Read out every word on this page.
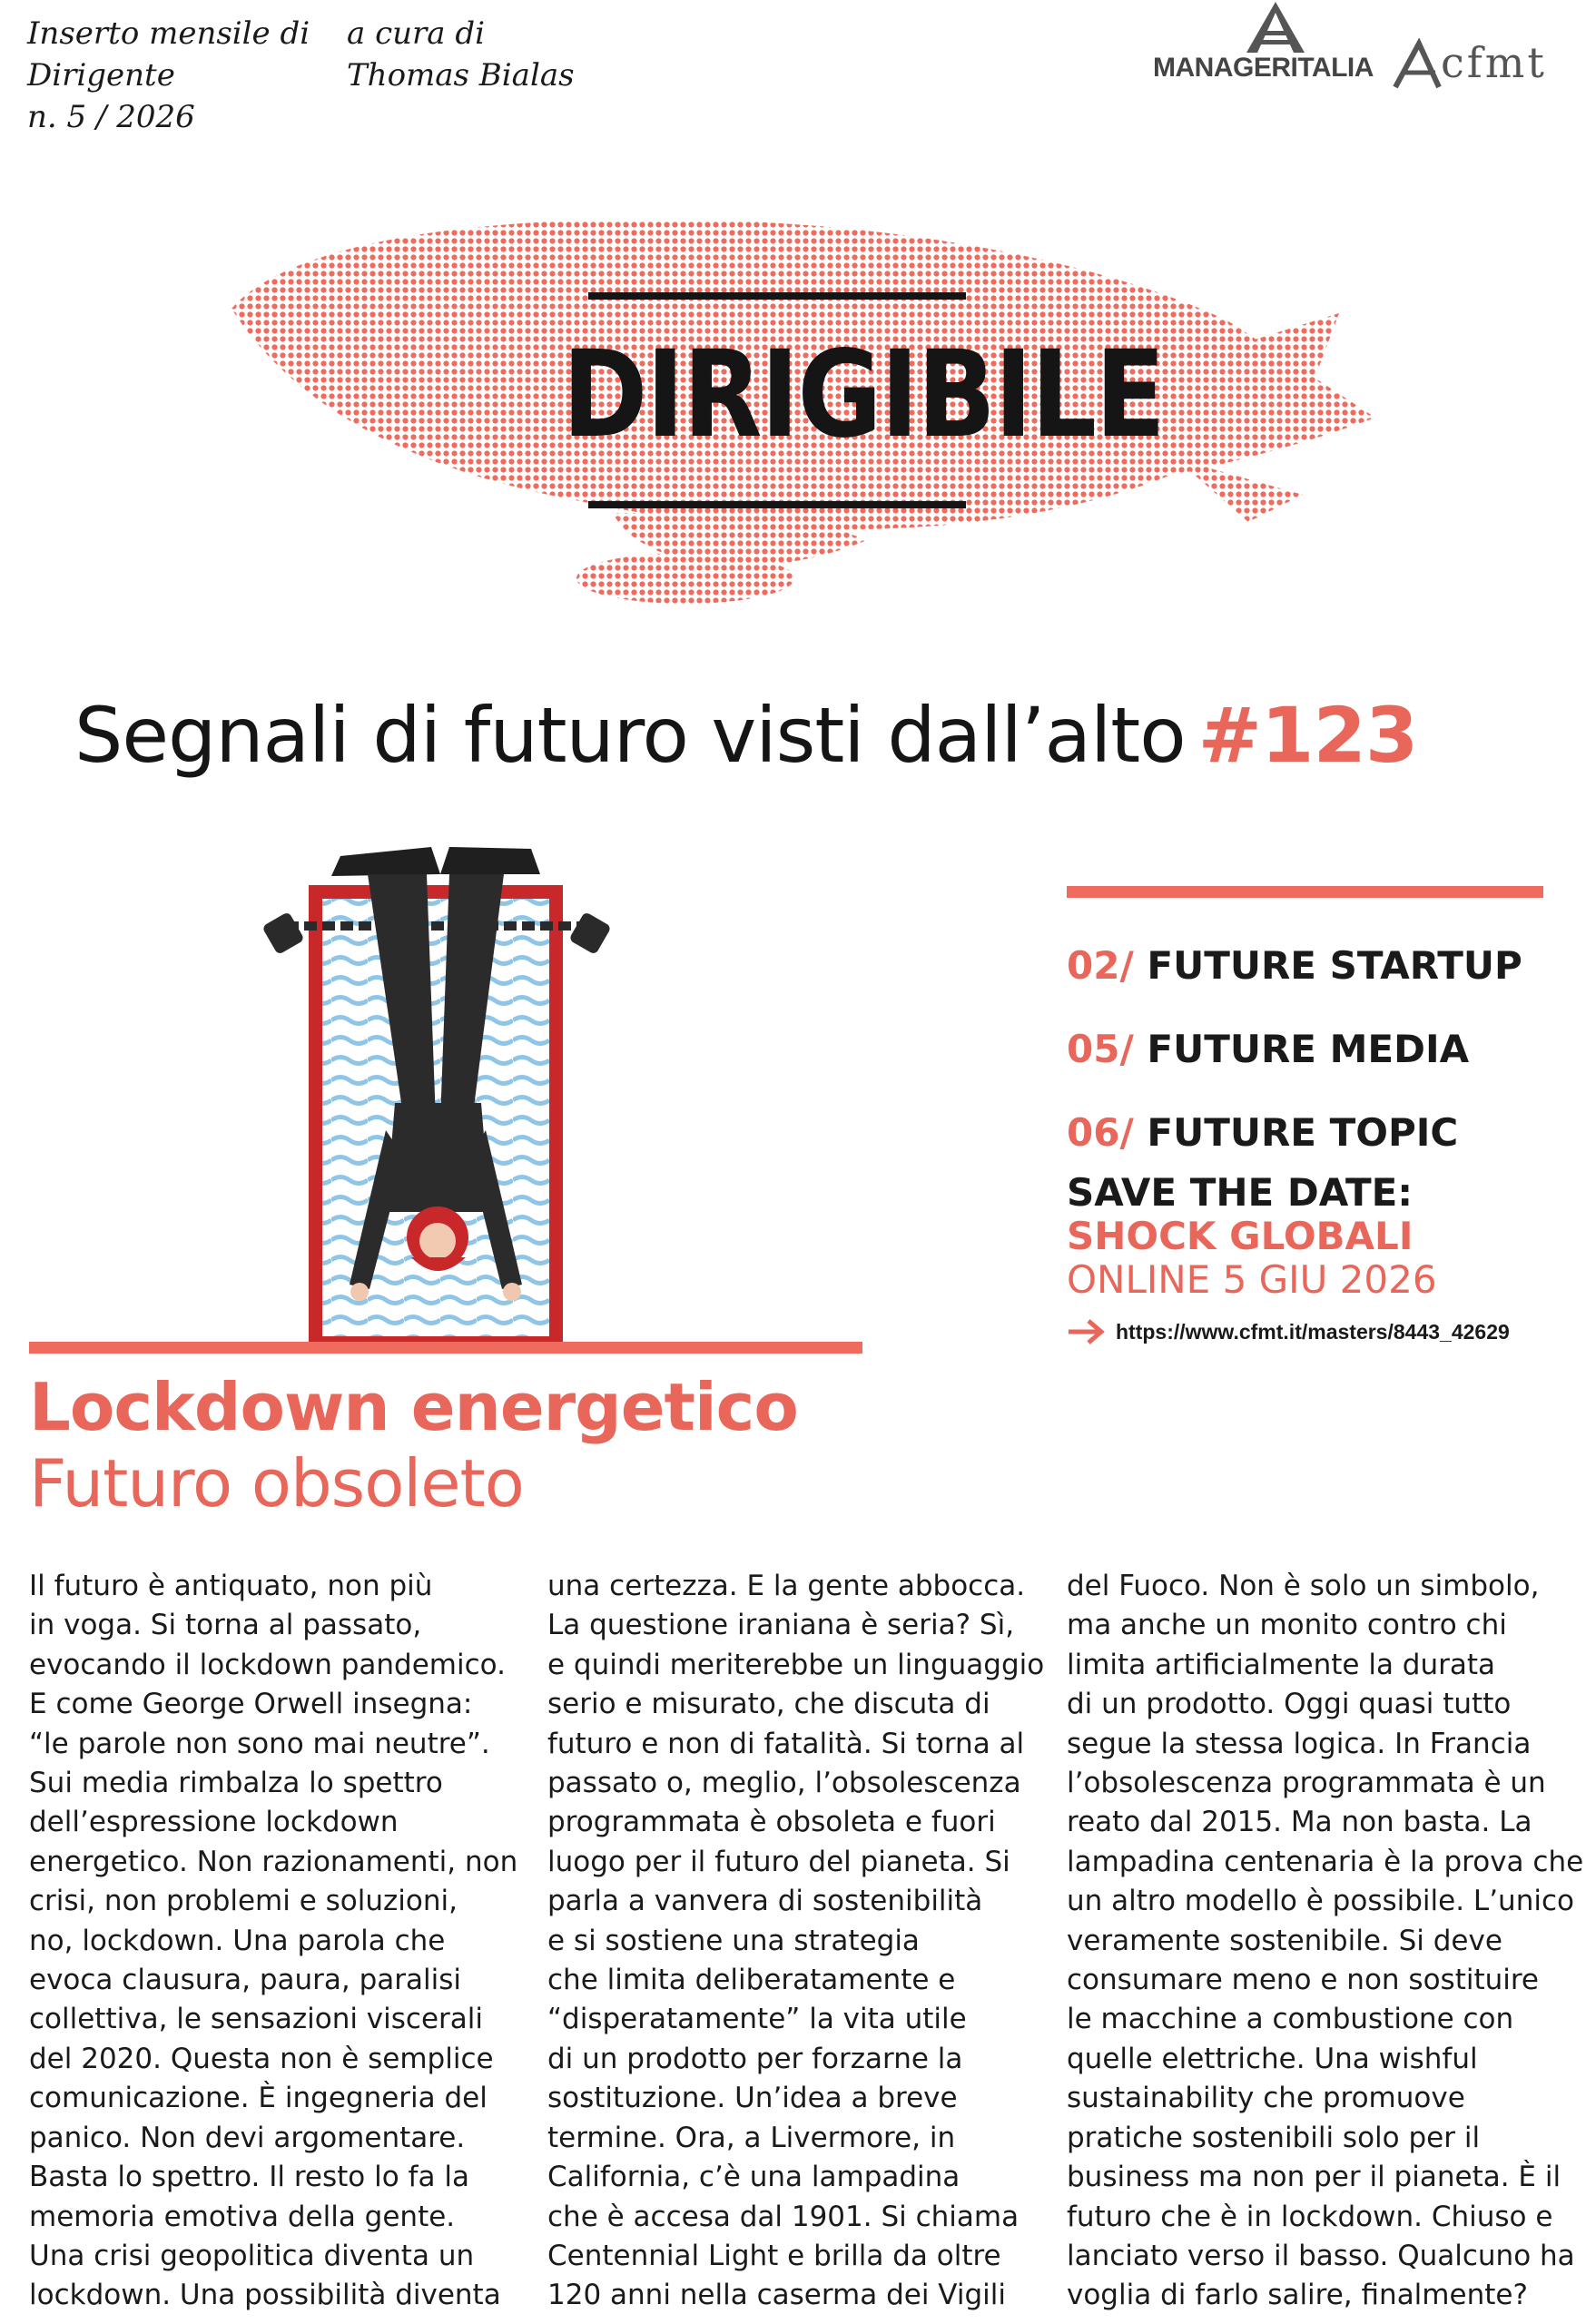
Inserto mensile di
Dirigente
n. 5 / 2026
a cura di
Thomas Bialas	MANAGERITALIA cfmt
DIRIGIBILE
Segnali di futuro visti dall’alto #123
02/ FUTURE STARTUP
05/ FUTURE MEDIA
06/ FUTURE TOPIC
SAVE THE DATE:
SHOCK GLOBALI
ONLINE 5 GIU 2026
https://www.cfmt.it/masters/8443_42629
Lockdown energetico
Futuro obsoleto
Il futuro è antiquato, non più
in voga. Si torna al passato,
evocando il lockdown pandemico.
E come George Orwell insegna:
“le parole non sono mai neutre”.
Sui media rimbalza lo spettro
dell’espressione lockdown
energetico. Non razionamenti, non
crisi, non problemi e soluzioni,
no, lockdown. Una parola che
evoca clausura, paura, paralisi
collettiva, le sensazioni viscerali
del 2020. Questa non è semplice
comunicazione. È ingegneria del
panico. Non devi argomentare.
Basta lo spettro. Il resto lo fa la
memoria emotiva della gente.
Una crisi geopolitica diventa un
lockdown. Una possibilità diventa
una certezza. E la gente abbocca.
La questione iraniana è seria? Sì,
e quindi meriterebbe un linguaggio
serio e misurato, che discuta di
futuro e non di fatalità. Si torna al
passato o, meglio, l’obsolescenza
programmata è obsoleta e fuori
luogo per il futuro del pianeta. Si
parla a vanvera di sostenibilità
e si sostiene una strategia
che limita deliberatamente e
“disperatamente” la vita utile
di un prodotto per forzarne la
sostituzione. Un’idea a breve
termine. Ora, a Livermore, in
California, c’è una lampadina
che è accesa dal 1901. Si chiama
Centennial Light e brilla da oltre
120 anni nella caserma dei Vigili
del Fuoco. Non è solo un simbolo,
ma anche un monito contro chi
limita artificialmente la durata
di un prodotto. Oggi quasi tutto
segue la stessa logica. In Francia
l’obsolescenza programmata è un
reato dal 2015. Ma non basta. La
lampadina centenaria è la prova che
un altro modello è possibile. L’unico
veramente sostenibile. Si deve
consumare meno e non sostituire
le macchine a combustione con
quelle elettriche. Una wishful
sustainability che promuove
pratiche sostenibili solo per il
business ma non per il pianeta. È il
futuro che è in lockdown. Chiuso e
lanciato verso il basso. Qualcuno ha
voglia di farlo salire, finalmente?
